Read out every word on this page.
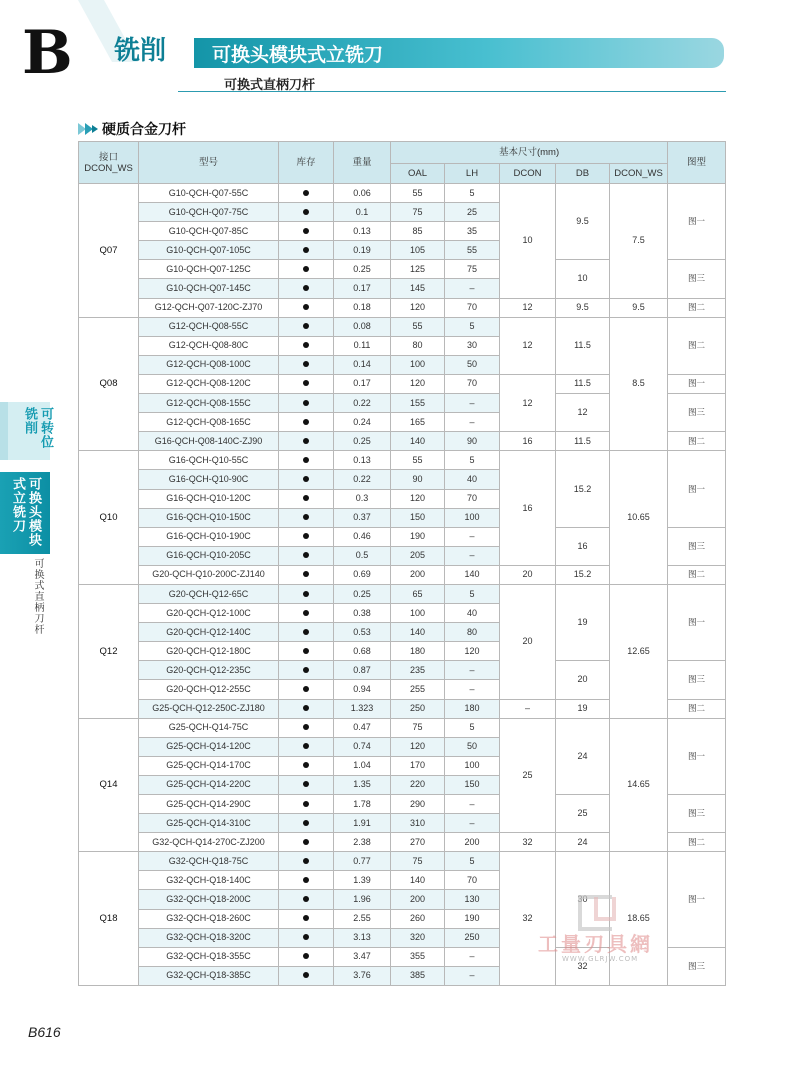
B 铣削 可换头模块式立铣刀
可换式直柄刀杆
硬质合金刀杆
可转位
铣削
可换头模块
式立铣刀
可换式直柄刀杆
接口
DCON_WS	型号	库存	重量	基本尺寸(mm)					图型
				OAL	LH	DCON	DB	DCON_WS	
Q07	G10-QCH-Q07-55C		0.06	55	5	10	9.5	7.5	图一
	G10-QCH-Q07-75C		0.1	75	25				
	G10-QCH-Q07-85C		0.13	85	35				
	G10-QCH-Q07-105C		0.19	105	55				
	G10-QCH-Q07-125C		0.25	125	75		10		图三
	G10-QCH-Q07-145C		0.17	145	–				
	G12-QCH-Q07-120C-ZJ70		0.18	120	70	12	9.5	9.5	图二
Q08	G12-QCH-Q08-55C		0.08	55	5	12	11.5	8.5	图二
	G12-QCH-Q08-80C		0.11	80	30				
	G12-QCH-Q08-100C		0.14	100	50				
	G12-QCH-Q08-120C		0.17	120	70	12	11.5		图一
	G12-QCH-Q08-155C		0.22	155	–		12		图三
	G12-QCH-Q08-165C		0.24	165	–				
	G16-QCH-Q08-140C-ZJ90		0.25	140	90	16	11.5		图二
Q10	G16-QCH-Q10-55C		0.13	55	5	16	15.2	10.65	图一
	G16-QCH-Q10-90C		0.22	90	40				
	G16-QCH-Q10-120C		0.3	120	70				
	G16-QCH-Q10-150C		0.37	150	100				
	G16-QCH-Q10-190C		0.46	190	–		16		图三
	G16-QCH-Q10-205C		0.5	205	–				
	G20-QCH-Q10-200C-ZJ140		0.69	200	140	20	15.2		图二
Q12	G20-QCH-Q12-65C		0.25	65	5	20	19	12.65	图一
	G20-QCH-Q12-100C		0.38	100	40				
	G20-QCH-Q12-140C		0.53	140	80				
	G20-QCH-Q12-180C		0.68	180	120				
	G20-QCH-Q12-235C		0.87	235	–		20		图三
	G20-QCH-Q12-255C		0.94	255	–				
	G25-QCH-Q12-250C-ZJ180		1.323	250	180	–	19		图二
Q14	G25-QCH-Q14-75C		0.47	75	5	25	24	14.65	图一
	G25-QCH-Q14-120C		0.74	120	50				
	G25-QCH-Q14-170C		1.04	170	100				
	G25-QCH-Q14-220C		1.35	220	150				
	G25-QCH-Q14-290C		1.78	290	–		25		图三
	G25-QCH-Q14-310C		1.91	310	–				
	G32-QCH-Q14-270C-ZJ200		2.38	270	200	32	24		图二
Q18	G32-QCH-Q18-75C		0.77	75	5	32	30	18.65	图一
	G32-QCH-Q18-140C		1.39	140	70				
	G32-QCH-Q18-200C		1.96	200	130				
	G32-QCH-Q18-260C		2.55	260	190				
	G32-QCH-Q18-320C		3.13	320	250				
	G32-QCH-Q18-355C		3.47	355	–		32		图三
	G32-QCH-Q18-385C		3.76	385	–				
工量刃具網
WWW.GLRJW.COM
B616
